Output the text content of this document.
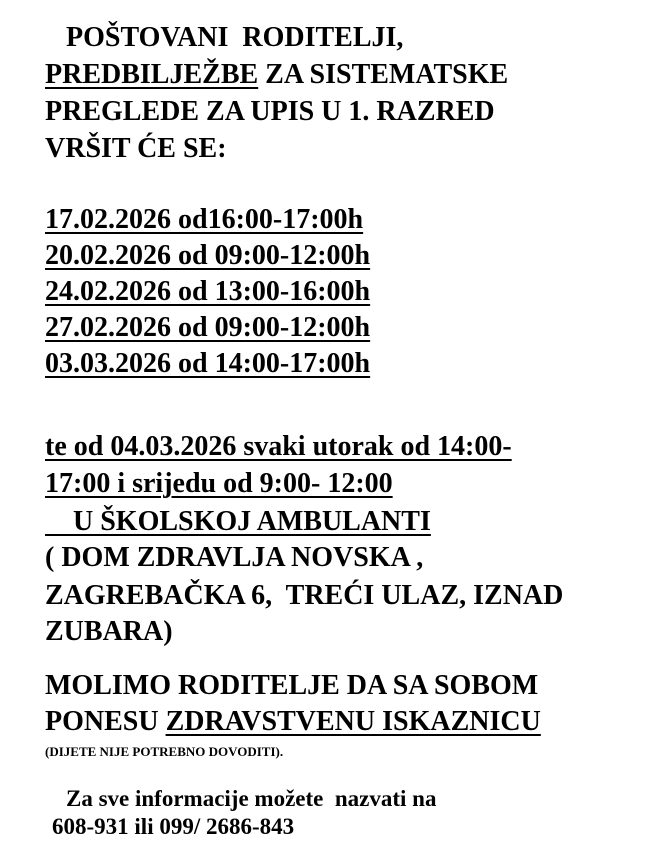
POŠTOVANI  RODITELJI,
PREDBILJEŽBE ZA SISTEMATSKE
PREGLEDE ZA UPIS U 1. RAZRED
VRŠIT ĆE SE:
17.02.2026 od16:00-17:00h
20.02.2026 od 09:00-12:00h
24.02.2026 od 13:00-16:00h
27.02.2026 od 09:00-12:00h
03.03.2026 od 14:00-17:00h
te od 04.03.2026 svaki utorak od 14:00-
17:00 i srijedu od 9:00- 12:00
U ŠKOLSKOJ AMBULANTI
( DOM ZDRAVLJA NOVSKA ,
ZAGREBAČKA 6,  TREĆI ULAZ, IZNAD
ZUBARA)
MOLIMO RODITELJE DA SA SOBOM
PONESU ZDRAVSTVENU ISKAZNICU
(DIJETE NIJE POTREBNO DOVODITI).
Za sve informacije možete  nazvati na
608-931 ili 099/ 2686-843
